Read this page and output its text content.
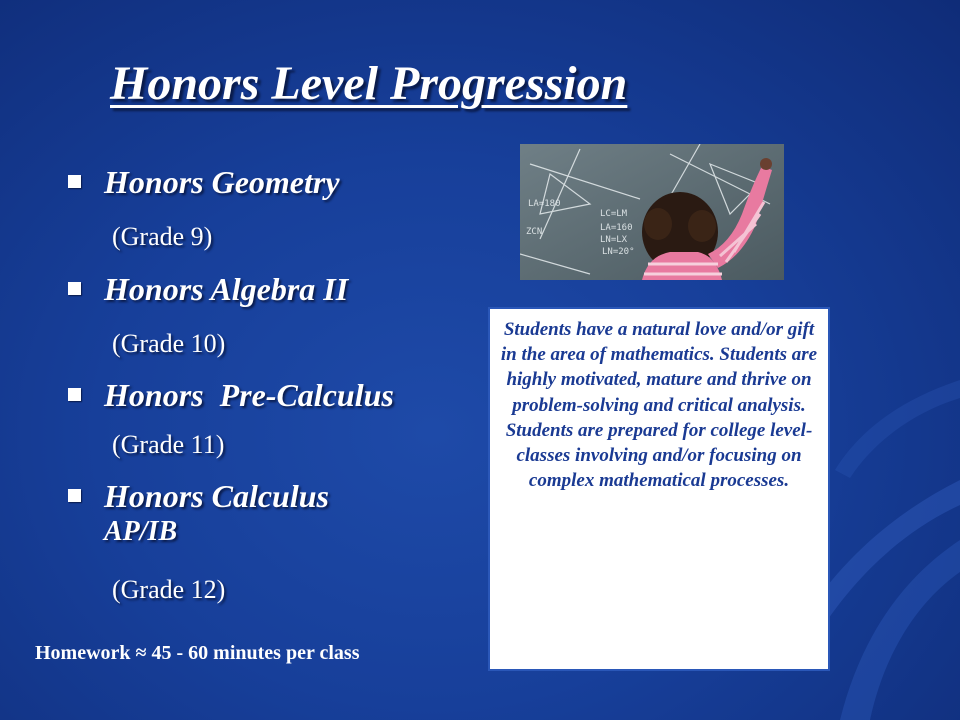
Honors Level Progression
Honors Geometry
(Grade 9)
Honors Algebra II
(Grade 10)
Honors  Pre-Calculus
(Grade 11)
Honors Calculus
AP/IB
(Grade 12)
LA=180
LA=160
LN=LX
LC=LM
LN=20°
ZCN

Students have a natural love and/or gift in the area of mathematics. Students are highly motivated, mature and thrive on problem-solving and critical analysis. Students are prepared for college level-classes involving and/or focusing on complex mathematical processes.

Homework ≈ 45 - 60 minutes per class
